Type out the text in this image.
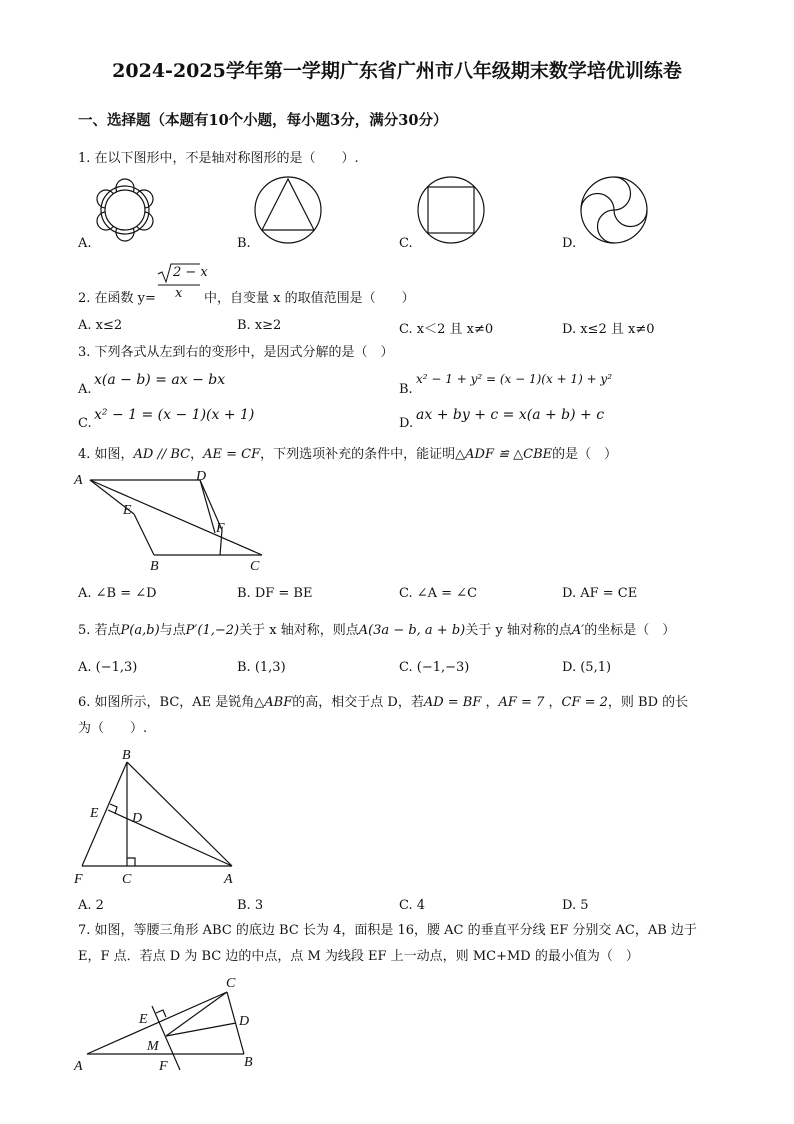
2024-2025学年第一学期广东省广州市八年级期末数学培优训练卷
一、选择题（本题有10个小题，每小题3分，满分30分）
1. 在以下图形中，不是轴对称图形的是（　　）.
A.	B.	C.	D.
2. 在函数 y=
2 − x
x 中，自变量 x 的取值范围是（　　）
A. x≤2	B. x≥2	C. x＜2 且 x≠0	D. x≤2 且 x≠0
3. 下列各式从左到右的变形中，是因式分解的是（　）
A.
x(a − b) = ax − bx
B.
x² − 1 + y² = (x − 1)(x + 1) + y²
C.
x² − 1 = (x − 1)(x + 1)
D.
ax + by + c = x(a + b) + c
4. 如图，AD // BC，AE = CF，下列选项补充的条件中，能证明△ADF ≌ △CBE的是（　）
A	D
E
F
B	C
A. ∠B = ∠D	B. DF = BE	C. ∠A = ∠C	D. AF = CE
5. 若点P(a,b)与点P′(1,−2)关于 x 轴对称，则点A(3a − b, a + b)关于 y 轴对称的点A′的坐标是（　）
A. (−1,3)	B. (1,3)	C. (−1,−3)	D. (5,1)
6. 如图所示，BC，AE 是锐角△ABF的高，相交于点 D，若AD = BF ，AF = 7 ，CF = 2，则 BD 的长
为（　　）.
B
E D
F	C	A
A. 2	B. 3	C. 4	D. 5
7. 如图，等腰三角形 ABC 的底边 BC 长为 4，面积是 16，腰 AC 的垂直平分线 EF 分别交 AC，AB 边于
E，F 点．若点 D 为 BC 边的中点，点 M 为线段 EF 上一动点，则 MC+MD 的最小值为（　）
C
E	D
M
A	F	B
